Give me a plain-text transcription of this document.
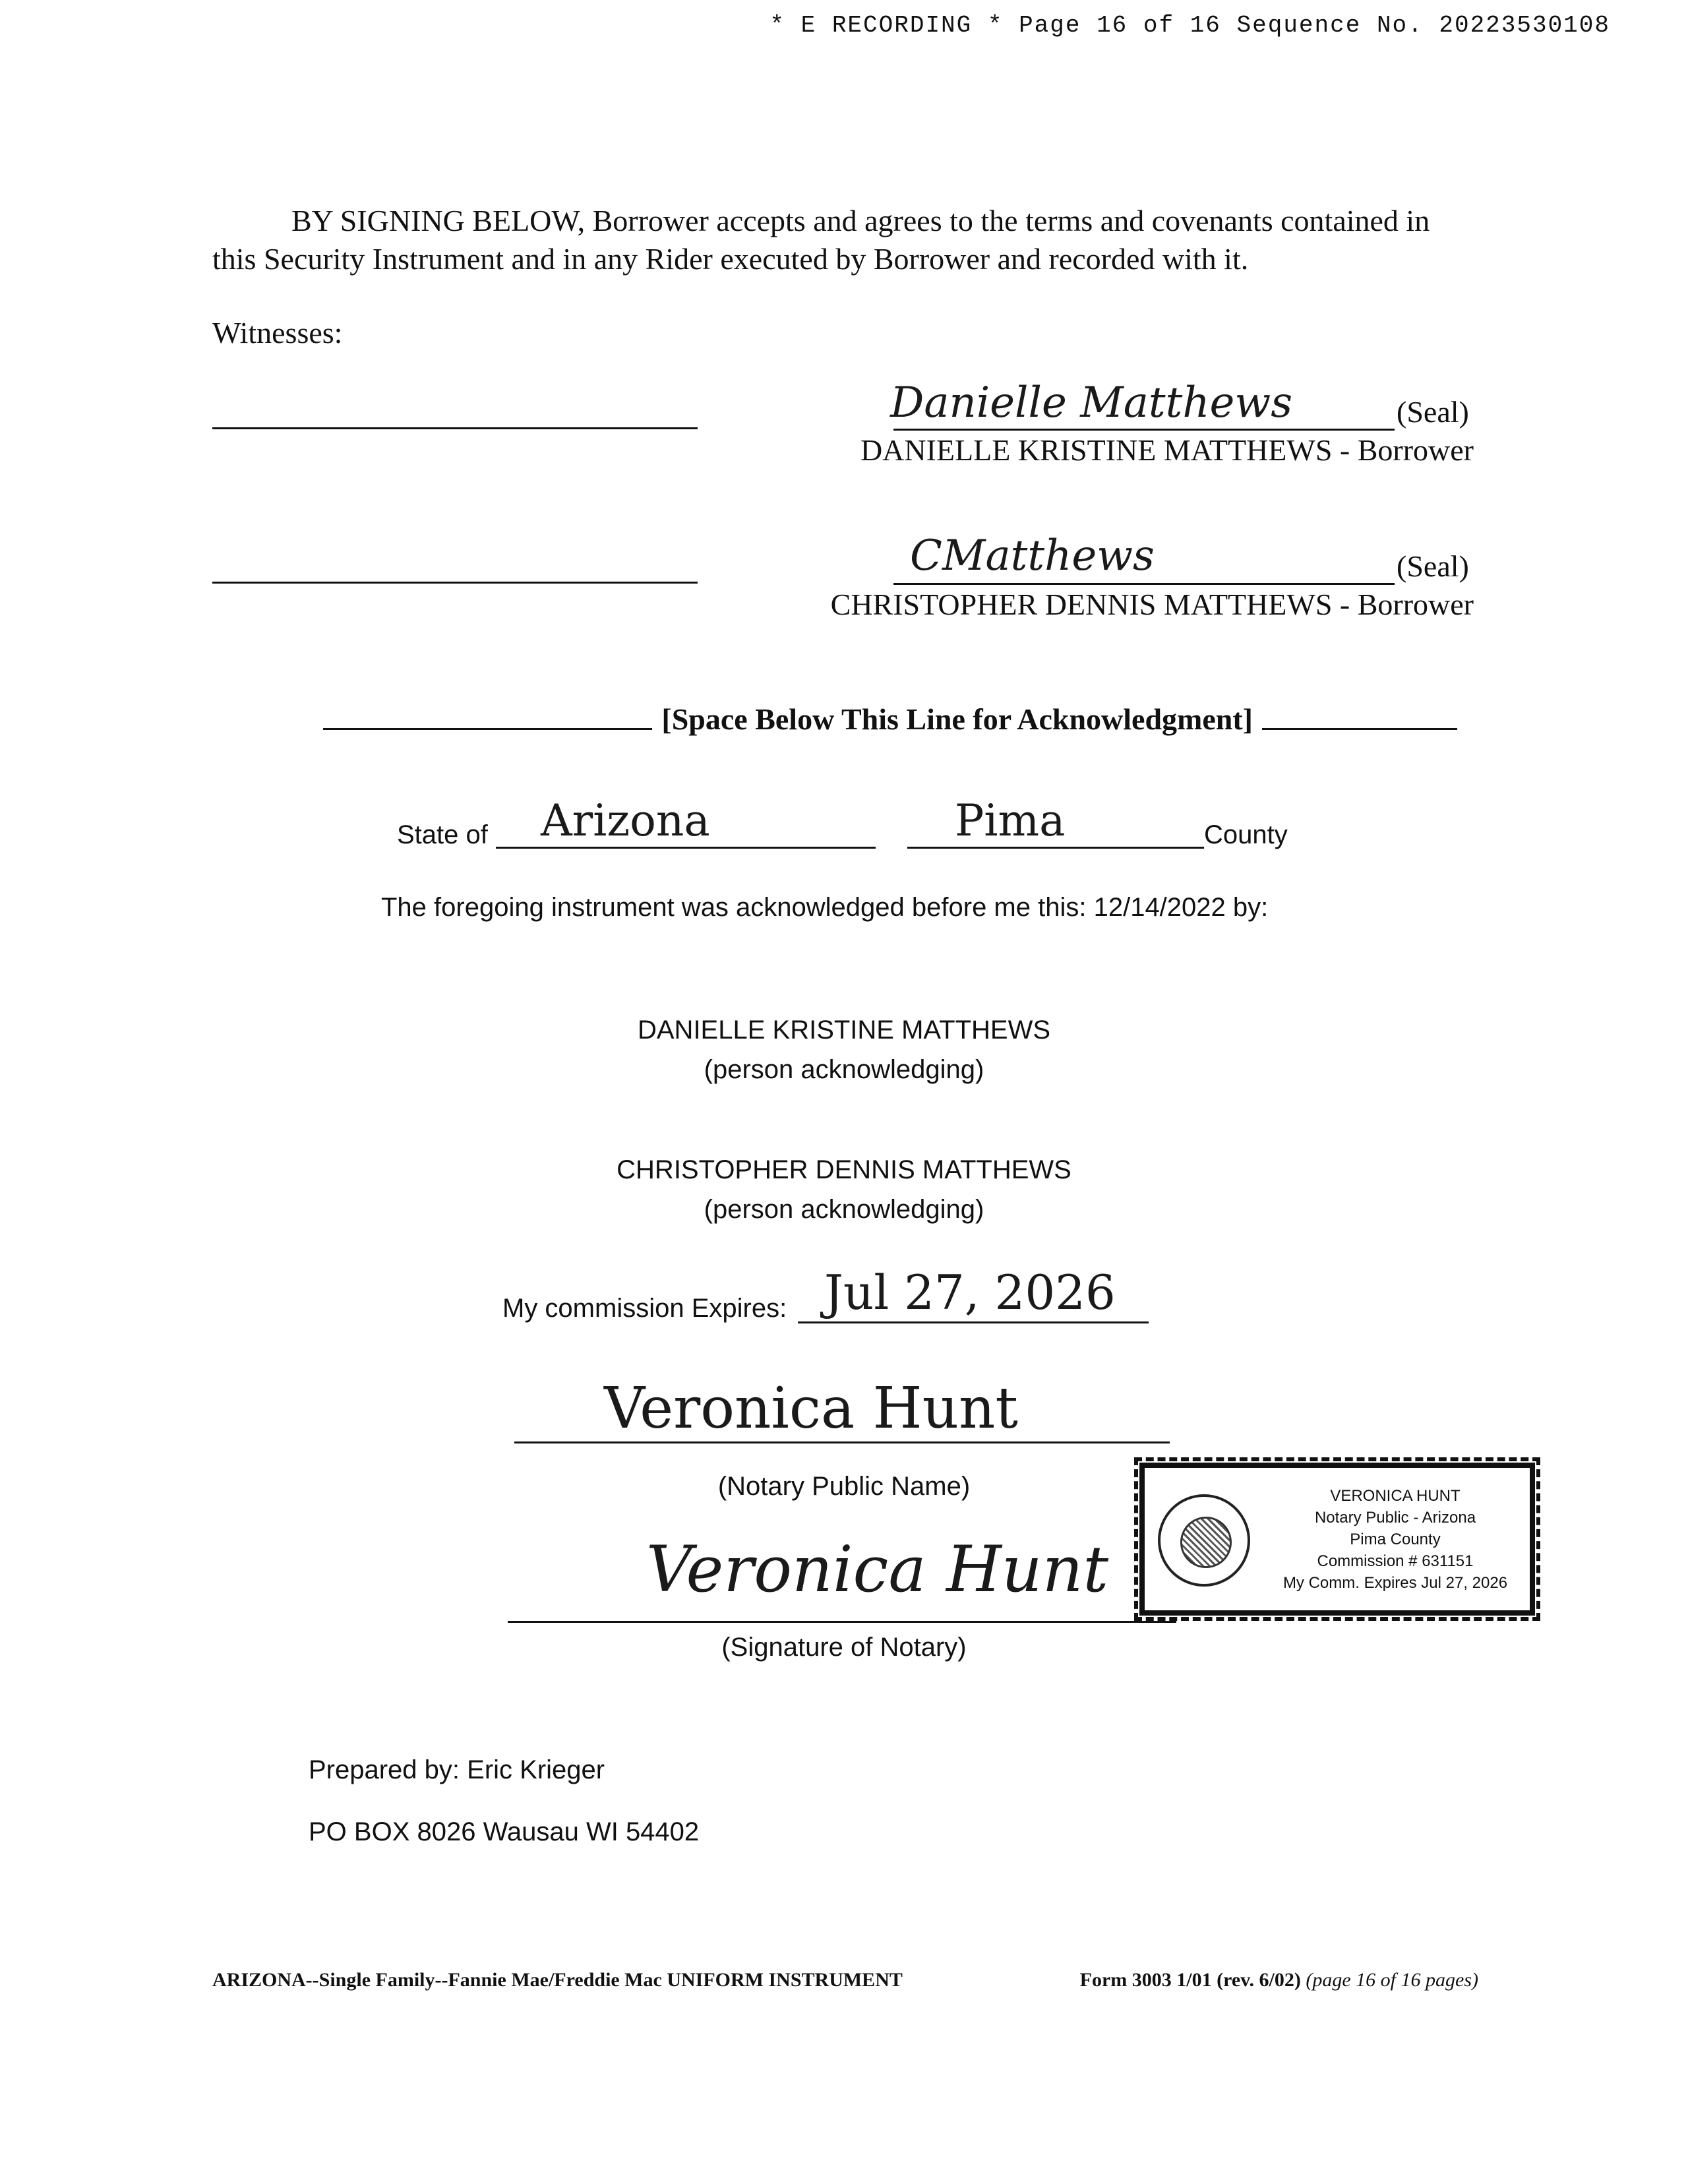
* E RECORDING * Page 16 of 16 Sequence No. 20223530108
BY SIGNING BELOW, Borrower accepts and agrees to the terms and covenants contained in this Security Instrument and in any Rider executed by Borrower and recorded with it.
Witnesses:
Danielle Matthews	(Seal)
DANIELLE KRISTINE MATTHEWS - Borrower
CMatthews	(Seal)
CHRISTOPHER DENNIS MATTHEWS - Borrower
[Space Below This Line for Acknowledgment]
State of Arizona	Pima	County
The foregoing instrument was acknowledged before me this: 12/14/2022 by:
DANIELLE KRISTINE MATTHEWS
(person acknowledging)
CHRISTOPHER DENNIS MATTHEWS
(person acknowledging)
My commission Expires: Jul 27, 2026
Veronica Hunt
(Notary Public Name)
Veronica Hunt
(Signature of Notary)
VERONICA HUNT
Notary Public - Arizona
Pima County
Commission # 631151
My Comm. Expires Jul 27, 2026
Prepared by: Eric Krieger
PO BOX 8026 Wausau WI 54402
ARIZONA--Single Family--Fannie Mae/Freddie Mac UNIFORM INSTRUMENT	Form 3003 1/01 (rev. 6/02) (page 16 of 16 pages)
